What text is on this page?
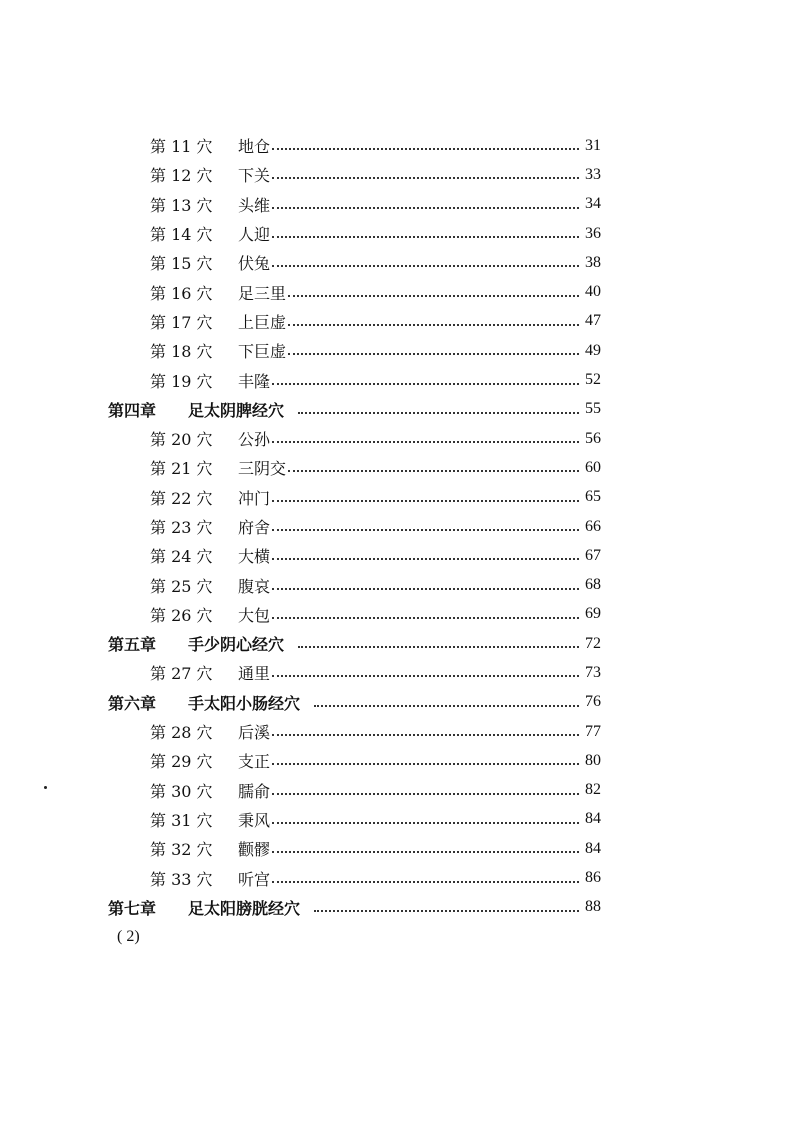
第 11 穴	地仓	31
第 12 穴	下关	33
第 13 穴	头维	34
第 14 穴	人迎	36
第 15 穴	伏兔	38
第 16 穴	足三里	40
第 17 穴	上巨虚	47
第 18 穴	下巨虚	49
第 19 穴	丰隆	52
第四章	足太阴脾经穴	55
第 20 穴	公孙	56
第 21 穴	三阴交	60
第 22 穴	冲门	65
第 23 穴	府舍	66
第 24 穴	大横	67
第 25 穴	腹哀	68
第 26 穴	大包	69
第五章	手少阴心经穴	72
第 27 穴	通里	73
第六章	手太阳小肠经穴	76
第 28 穴	后溪	77
第 29 穴	支正	80
第 30 穴	臑俞	82
第 31 穴	秉风	84
第 32 穴	颧髎	84
第 33 穴	听宫	86
第七章	足太阳膀胱经穴	88
( 2)
